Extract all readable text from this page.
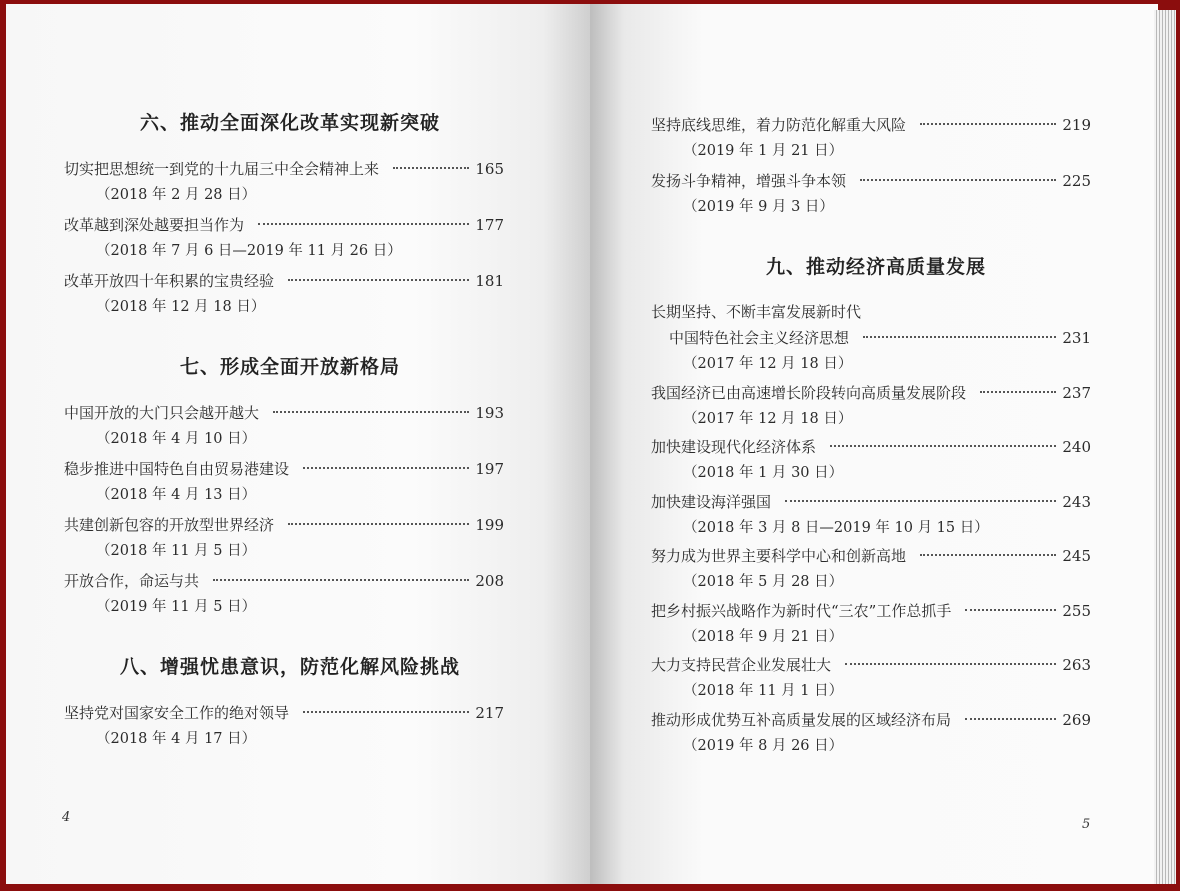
六、推动全面深化改革实现新突破
切实把思想统一到党的十九届三中全会精神上来	165
（2018 年 2 月 28 日）
改革越到深处越要担当作为	177
（2018 年 7 月 6 日—2019 年 11 月 26 日）
改革开放四十年积累的宝贵经验	181
（2018 年 12 月 18 日）
七、形成全面开放新格局
中国开放的大门只会越开越大	193
（2018 年 4 月 10 日）
稳步推进中国特色自由贸易港建设	197
（2018 年 4 月 13 日）
共建创新包容的开放型世界经济	199
（2018 年 11 月 5 日）
开放合作，命运与共	208
（2019 年 11 月 5 日）
八、增强忧患意识，防范化解风险挑战
坚持党对国家安全工作的绝对领导	217
（2018 年 4 月 17 日）
4
坚持底线思维，着力防范化解重大风险	219
（2019 年 1 月 21 日）
发扬斗争精神，增强斗争本领	225
（2019 年 9 月 3 日）
九、推动经济高质量发展
长期坚持、不断丰富发展新时代
中国特色社会主义经济思想	231
（2017 年 12 月 18 日）
我国经济已由高速增长阶段转向高质量发展阶段	237
（2017 年 12 月 18 日）
加快建设现代化经济体系	240
（2018 年 1 月 30 日）
加快建设海洋强国	243
（2018 年 3 月 8 日—2019 年 10 月 15 日）
努力成为世界主要科学中心和创新高地	245
（2018 年 5 月 28 日）
把乡村振兴战略作为新时代“三农”工作总抓手	255
（2018 年 9 月 21 日）
大力支持民营企业发展壮大	263
（2018 年 11 月 1 日）
推动形成优势互补高质量发展的区域经济布局	269
（2019 年 8 月 26 日）
5
